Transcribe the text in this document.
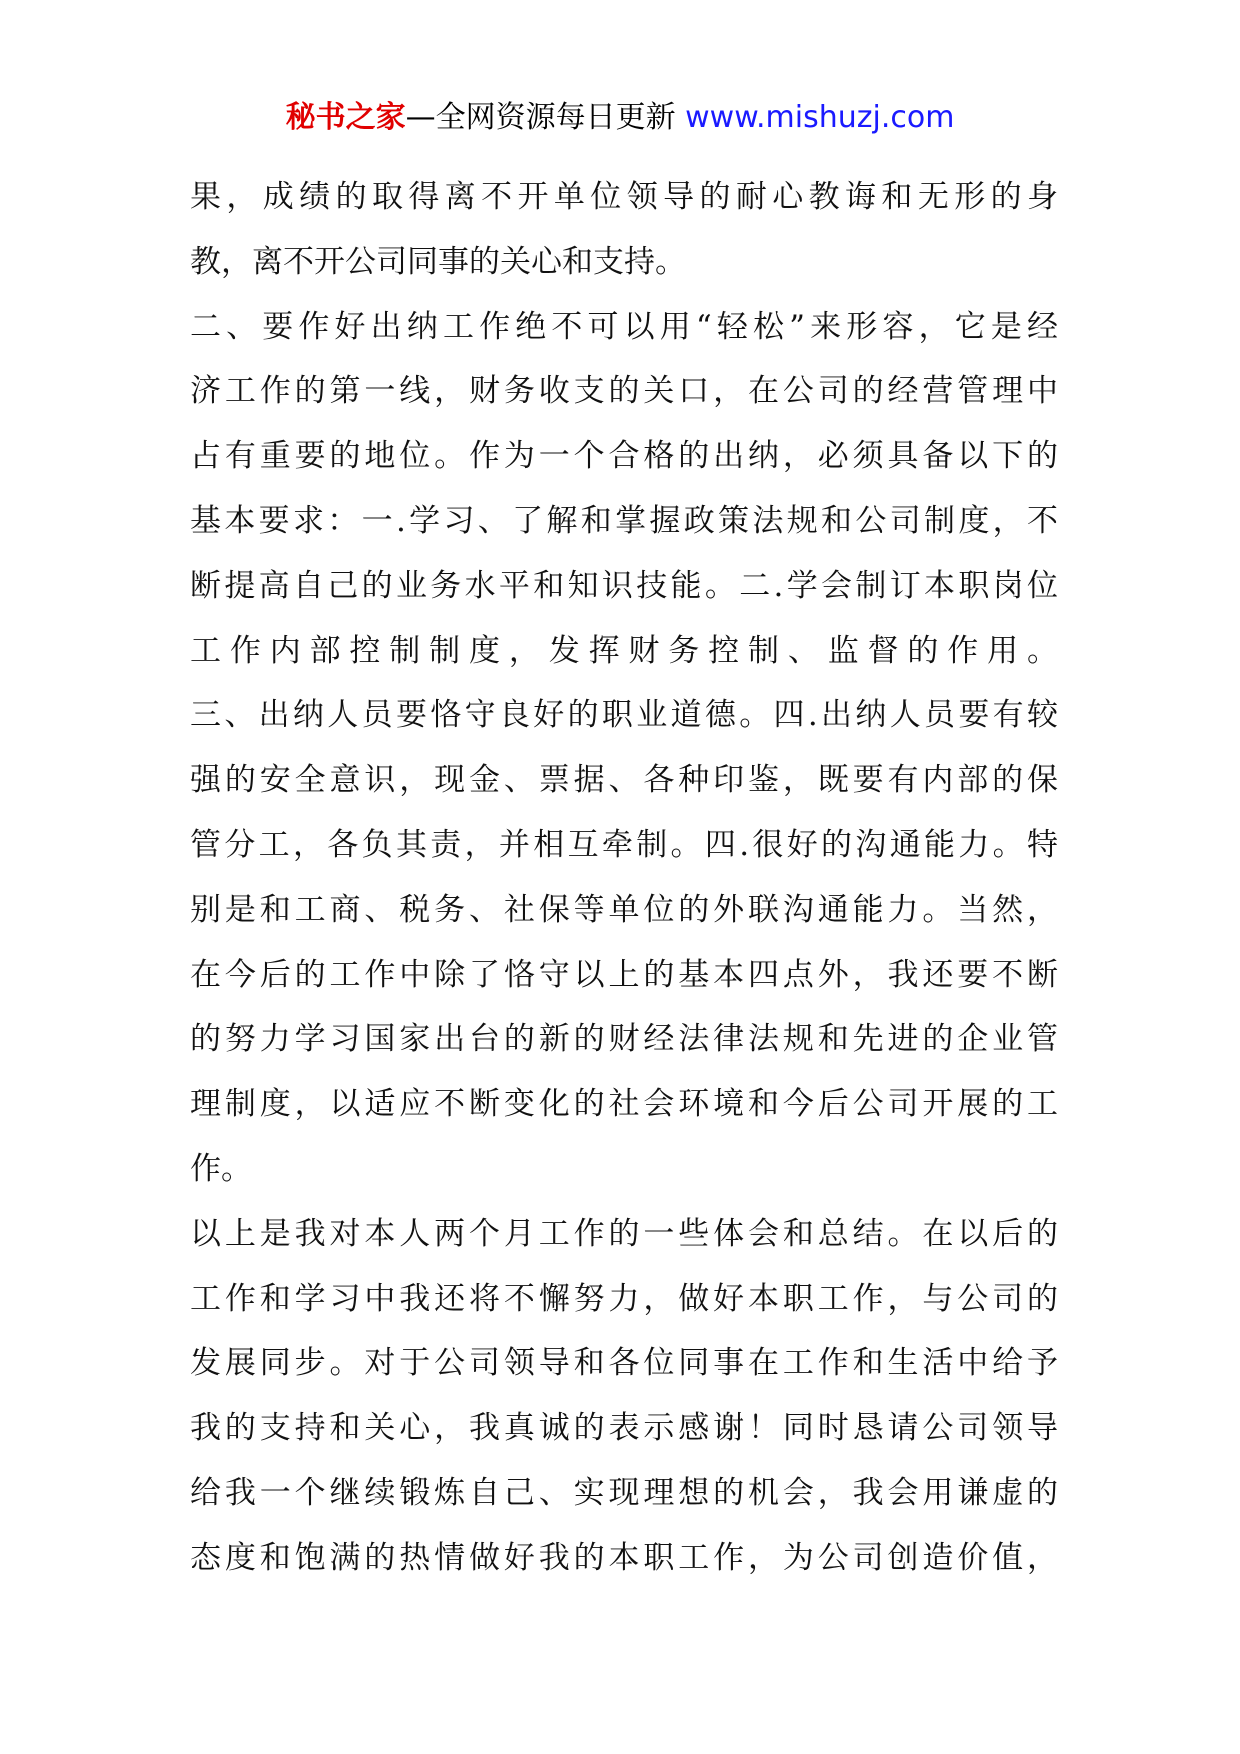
秘书之家—全网资源每日更新 www.mishuzj.com
果，成绩的取得离不开单位领导的耐心教诲和无形的身
教，离不开公司同事的关心和支持。
二、要作好出纳工作绝不可以用“轻松”来形容，它是经
济工作的第一线，财务收支的关口，在公司的经营管理中
占有重要的地位。作为一个合格的出纳，必须具备以下的
基本要求：一.学习、了解和掌握政策法规和公司制度，不
断提高自己的业务水平和知识技能。二.学会制订本职岗位
工作内部控制制度，发挥财务控制、监督的作用。
三、出纳人员要恪守良好的职业道德。四.出纳人员要有较
强的安全意识，现金、票据、各种印鉴，既要有内部的保
管分工，各负其责，并相互牵制。四.很好的沟通能力。特
别是和工商、税务、社保等单位的外联沟通能力。当然，
在今后的工作中除了恪守以上的基本四点外，我还要不断
的努力学习国家出台的新的财经法律法规和先进的企业管
理制度，以适应不断变化的社会环境和今后公司开展的工
作。
以上是我对本人两个月工作的一些体会和总结。在以后的
工作和学习中我还将不懈努力，做好本职工作，与公司的
发展同步。对于公司领导和各位同事在工作和生活中给予
我的支持和关心，我真诚的表示感谢！同时恳请公司领导
给我一个继续锻炼自己、实现理想的机会，我会用谦虚的
态度和饱满的热情做好我的本职工作，为公司创造价值，
